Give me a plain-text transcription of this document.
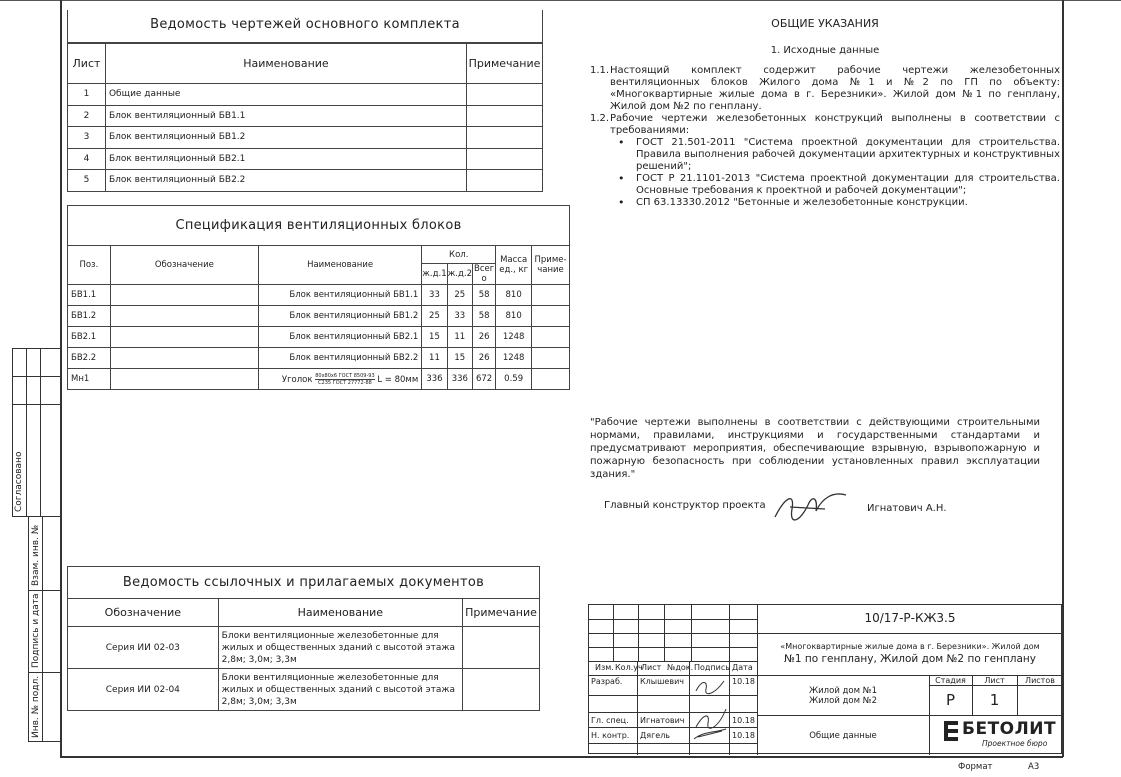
Согласовано
Взам. инв. №
Подпись и дата
Инв. № подл.
Ведомость чертежей основного комплекта
Лист	Наименование	Примечание
1	Общие данные	
2	Блок вентиляционный БВ1.1	
3	Блок вентиляционный БВ1.2	
4	Блок вентиляционный БВ2.1	
5	Блок вентиляционный БВ2.2	
Спецификация вентиляционных блоков
Поз.	Обозначение	Наименование	Кол.			Масса ед., кг	Приме- чание
			ж.д.1	ж.д.2	Всег о		
БВ1.1		Блок вентиляционный БВ1.1	33	25	58	810	
БВ1.2		Блок вентиляционный БВ1.2	25	33	58	810	
БВ2.1		Блок вентиляционный БВ2.1	15	11	26	1248	
БВ2.2		Блок вентиляционный БВ2.2	11	15	26	1248	
Мн1		Уголок $\frac{\text{80х80х6 ГОСТ 8509-93}}{\text{С235 ГОСТ 27772-88}}$ L = 80мм	336	336	672	0.59	
Ведомость ссылочных и прилагаемых документов
Обозначение	Наименование	Примечание
Серия ИИ 02-03	Блоки вентиляционные железобетонные для жилых и общественных зданий с высотой этажа 2,8м; 3,0м; 3,3м	
Серия ИИ 02-04	Блоки вентиляционные железобетонные для жилых и общественных зданий с высотой этажа 2,8м; 3,0м; 3,3м	
ОБЩИЕ УКАЗАНИЯ
1. Исходные данные
1.1. Настоящий комплект содержит рабочие чертежи железобетонных вентиляционных блоков Жилого дома №1 и №2 по ГП по объекту: «Многоквартирные жилые дома в г. Березники». Жилой дом №1 по генплану, Жилой дом №2 по генплану.
1.2. Рабочие чертежи железобетонных конструкций выполнены в соответствии с требованиями:
•	ГОСТ 21.501-2011 "Система проектной документации для строительства. Правила выполнения рабочей документации архитектурных и конструктивных решений";
•	ГОСТ Р 21.1101-2013 "Система проектной документации для строительства. Основные требования к проектной и рабочей документации";
•	СП 63.13330.2012 "Бетонные и железобетонные конструкции.
"Рабочие чертежи выполнены в соответствии с действующими строительными нормами, правилами, инструкциями и государственными стандартами и предусматривают мероприятия, обеспечивающие взрывную, взрывопожарную и пожарную безопасность при соблюдении установленных правил эксплуатации здания."
Главный конструктор проекта	Игнатович А.Н.
Изм. Кол.уч
Лист №док. Подпись Дата
Разраб. Клышевич	10.18
Гл. спец. Игнатович	10.18
Н. контр. Дягель	10.18
10/17-Р-КЖ3.5
«Многоквартирные жилые дома в г. Березники». Жилой дом
№1 по генплану, Жилой дом №2 по генплану
Жилой дом №1
Жилой дом №2
Общие данные
Стадия	Лист	Листов
Р	1
БЕТОЛИТ
Проектное бюро
Формат	А3
